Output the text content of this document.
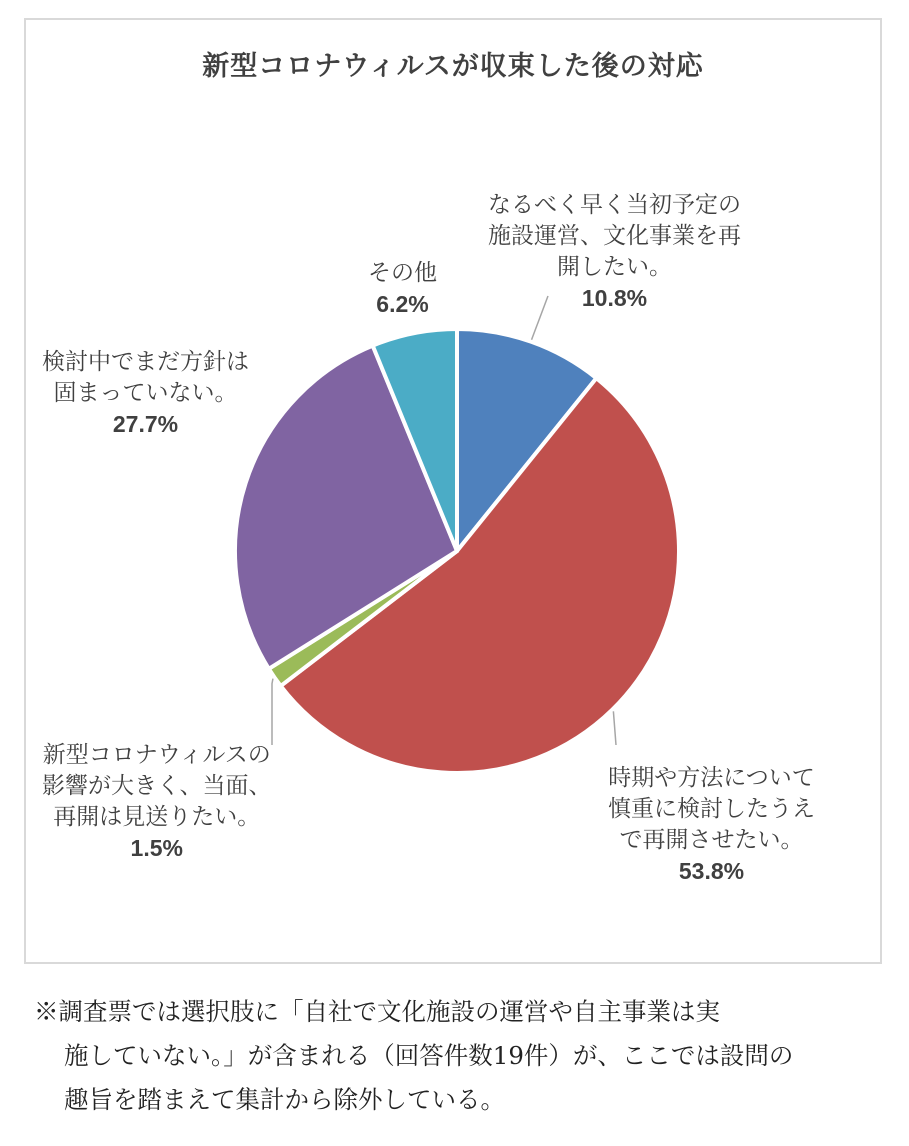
新型コロナウィルスが収束した後の対応
なるべく早く当初予定の
施設運営、文化事業を再
開したい。
10.8%
時期や方法について
慎重に検討したうえ
で再開させたい。
53.8%
新型コロナウィルスの
影響が大きく、当面、
再開は見送りたい。
1.5%
検討中でまだ方針は
固まっていない。
27.7%
その他
6.2%
※調査票では選択肢に「自社で文化施設の運営や自主事業は実
施していない。」が含まれる（回答件数19件）が、ここでは設問の
趣旨を踏まえて集計から除外している。
